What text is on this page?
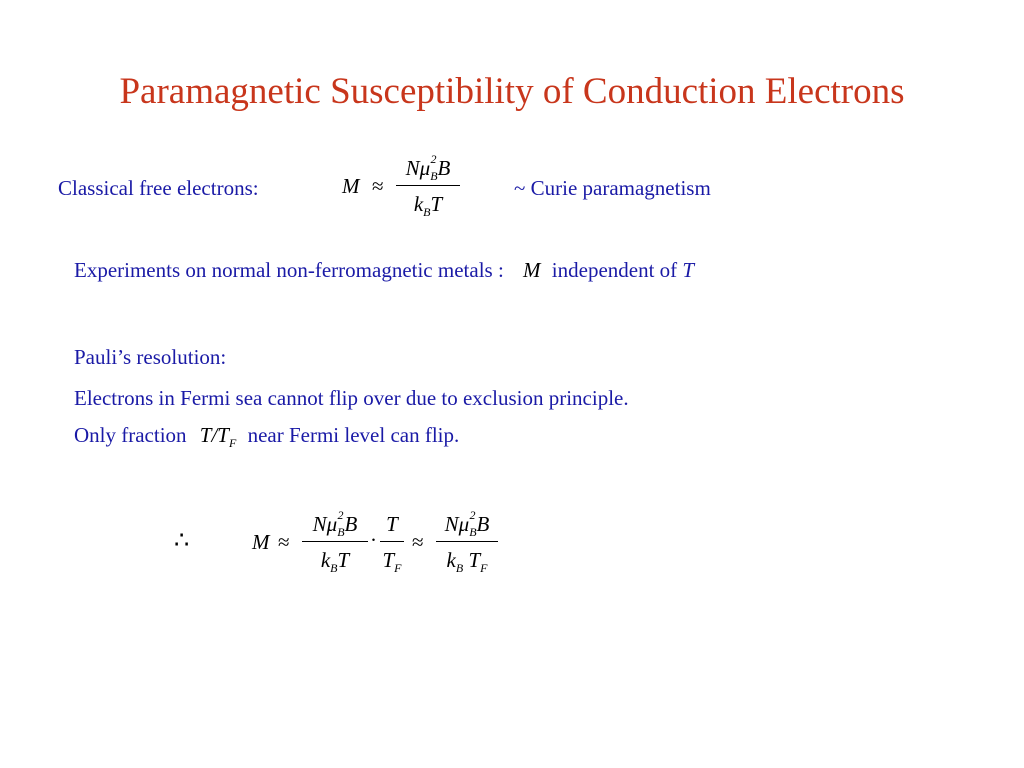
Paramagnetic Susceptibility of Conduction Electrons
Classical free electrons:	M ≈
$N\mu_B^2B$
$k_BT$
~ Curie paramagnetism
Experiments on normal non-ferromagnetic metals : M independent of T
Pauli’s resolution:
Electrons in Fermi sea cannot flip over due to exclusion principle.
Only fraction $T/T_F$ near Fermi level can flip.
∴	M ≈
$N\mu_B^2B$
$k_BT$
·
T
$T_F$
≈
$N\mu_B^2B$
$k_B$ $T_F$
